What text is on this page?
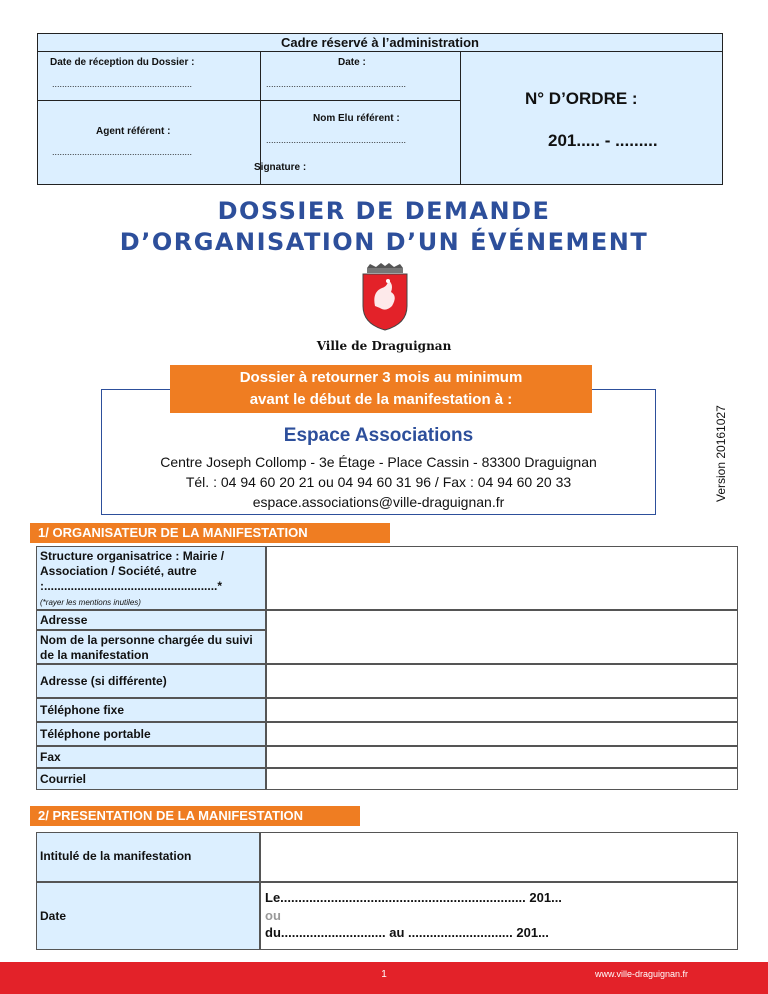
Cadre réservé à l’administration
Date de réception du Dossier :
........................................................
Date :
........................................................
Agent référent :
........................................................
Nom Elu référent :
........................................................
Signature :
N° D’ORDRE :
201..... - .........
DOSSIER DE DEMANDE
D’ORGANISATION D’UN ÉVÉNEMENT
Ville de Draguignan
Dossier à retourner 3 mois au minimum
avant le début de la manifestation à :
Espace Associations
Centre Joseph Collomp - 3e Étage - Place Cassin - 83300 Draguignan
Tél. : 04 94 60 20 21 ou 04 94 60 31 96 / Fax : 04 94 60 20 33
espace.associations@ville-draguignan.fr	Version 20161027
1/ ORGANISATEUR DE LA MANIFESTATION
Structure organisatrice : Mairie / Association / Société, autre :....................................................*
(*rayer les mentions inutiles)
Adresse
Nom de la personne chargée du suivi de la manifestation
Adresse (si différente)
Téléphone fixe
Téléphone portable
Fax
Courriel
2/ PRESENTATION DE LA MANIFESTATION
Intitulé de la manifestation
Date
Le.................................................................... 201...
ou
du............................. au ............................. 201...
1	www.ville-draguignan.fr
